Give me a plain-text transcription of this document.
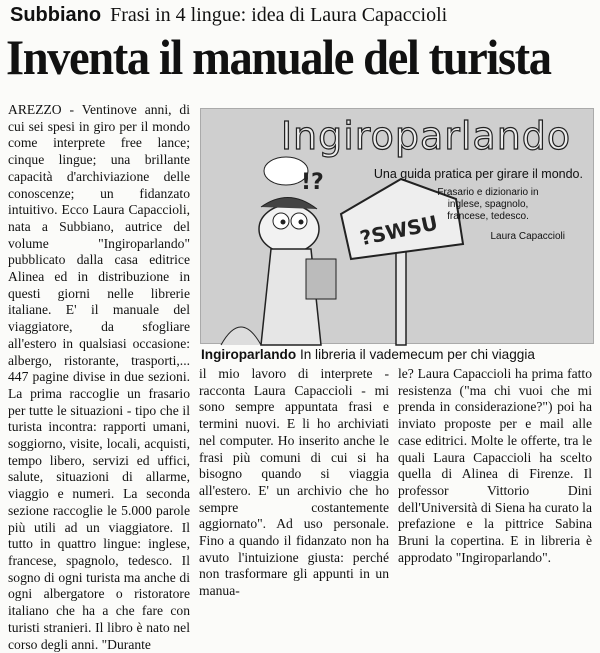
Subbiano Frasi in 4 lingue: idea di Laura Capaccioli
Inventa il manuale del turista

AREZZO - Ventinove anni, di cui sei spesi in giro per il mondo come interprete free lance; cinque lingue; una brillante capacità d'archiviazione delle conoscenze; un fidanzato intuitivo. Ecco Laura Capaccioli, nata a Subbiano, autrice del volume "Ingiroparlando" pubblicato dalla casa editrice Alinea ed in distribuzione in questi giorni nelle librerie italiane. E' il manuale del viaggiatore, da sfogliare all'estero in qualsiasi occasione: albergo, ristorante, trasporti,... 447 pagine divise in due sezioni. La prima raccoglie un frasario per tutte le situazioni - tipo che il turista incontra: rapporti umani, soggiorno, visite, locali, acquisti, tempo libero, servizi ed uffici, salute, situazioni di allarme, viaggio e numeri. La seconda sezione raccoglie le 5.000 parole più utili ad un viaggiatore. Il tutto in quattro lingue: inglese, francese, spagnolo, tedesco. Il sogno di ogni turista ma anche di ogni albergatore o ristoratore italiano che ha a che fare con turisti stranieri. Il libro è nato nel corso degli anni. "Durante

?SWSU
!?
Ingiroparlando
Una guida pratica per girare il mondo.
Frasario e dizionario in
inglese, spagnolo,
francese, tedesco.
Laura Capaccioli
Ingiroparlando In libreria il vademecum per chi viaggia

il mio lavoro di interprete - racconta Laura Capaccioli - mi sono sempre appuntata frasi e termini nuovi. E li ho archiviati nel computer. Ho inserito anche le frasi più comuni di cui si ha bisogno quando si viaggia all'estero. E' un archivio che ho sempre costantemente aggiornato". Ad uso personale. Fino a quando il fidanzato non ha avuto l'intuizione giusta: perché non trasformare gli appunti in un manua-

le? Laura Capaccioli ha prima fatto resistenza ("ma chi vuoi che mi prenda in considerazione?") poi ha inviato proposte per e mail alle case editrici. Molte le offerte, tra le quali Laura Capaccioli ha scelto quella di Alinea di Firenze. Il professor Vittorio Dini dell'Università di Siena ha curato la prefazione e la pittrice Sabina Bruni la copertina. E in libreria è approdato "Ingiroparlando".
